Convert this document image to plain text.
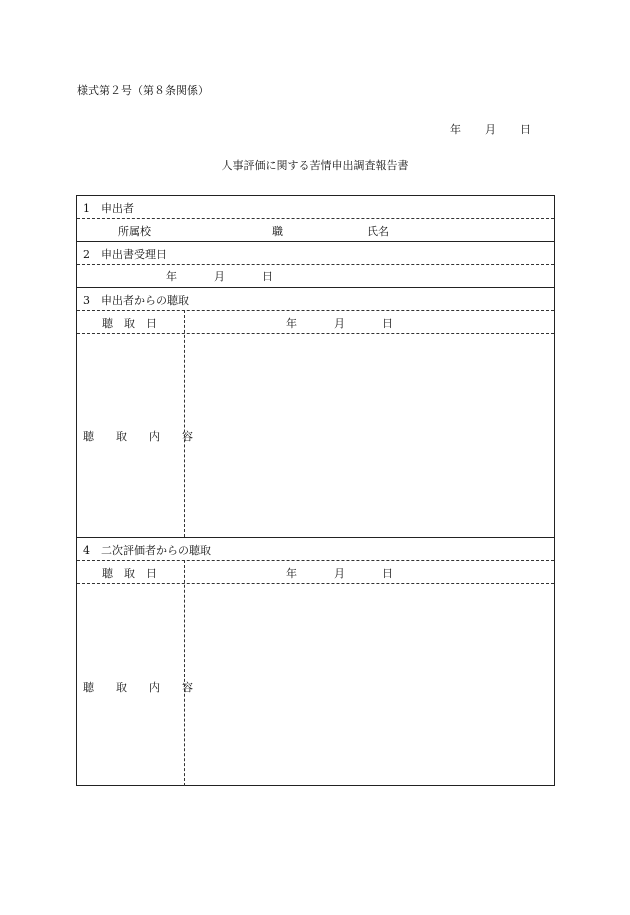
様式第２号（第８条関係）
年 月 日
人事評価に関する苦情申出調査報告書
1　申出者
所属校	職	氏名
2　申出書受理日
年	月	日
3　申出者からの聴取
聴　取　日	年	月	日
聴　　取　　内　　容
4　二次評価者からの聴取
聴　取　日	年	月	日
聴　　取　　内　　容
